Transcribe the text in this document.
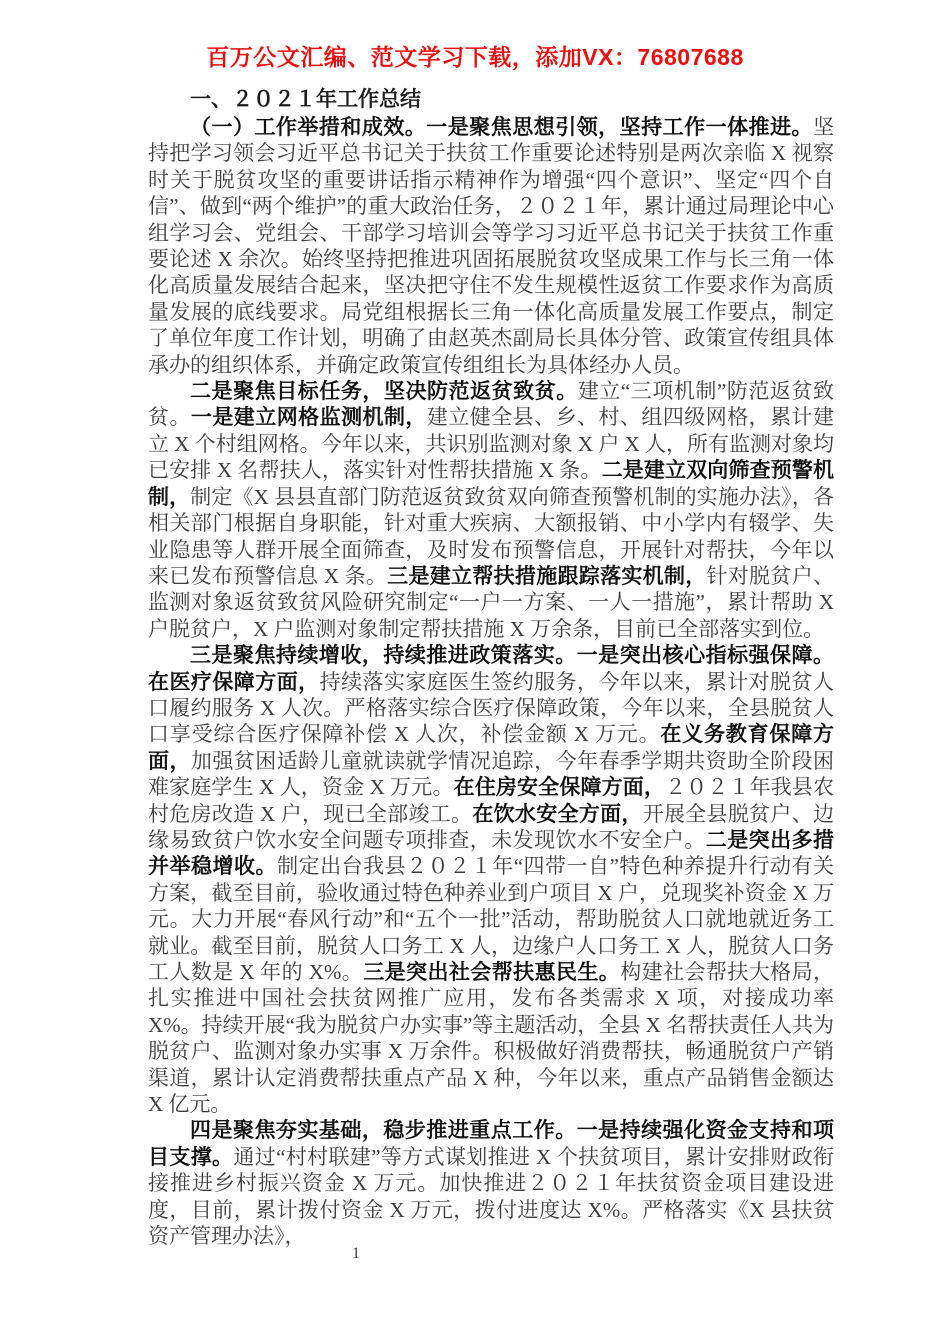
百万公文汇编、范文学习下载，添加VX：76807688

一、２０２１年工作总结

（一）工作举措和成效。一是聚焦思想引领，坚持工作一体推进。坚持把学习领会习近平总书记关于扶贫工作重要论述特别是两次亲临 X 视察时关于脱贫攻坚的重要讲话指示精神作为增强“四个意识”、坚定“四个自信”、做到“两个维护”的重大政治任务，２０２１年，累计通过局理论中心组学习会、党组会、干部学习培训会等学习习近平总书记关于扶贫工作重要论述 X 余次。始终坚持把推进巩固拓展脱贫攻坚成果工作与长三角一体化高质量发展结合起来，坚决把守住不发生规模性返贫工作要求作为高质量发展的底线要求。局党组根据长三角一体化高质量发展工作要点，制定了单位年度工作计划，明确了由赵英杰副局长具体分管、政策宣传组具体承办的组织体系，并确定政策宣传组组长为具体经办人员。

二是聚焦目标任务，坚决防范返贫致贫。建立“三项机制”防范返贫致贫。一是建立网格监测机制，建立健全县、乡、村、组四级网格，累计建立 X 个村组网格。今年以来，共识别监测对象 X 户 X 人，所有监测对象均已安排 X 名帮扶人，落实针对性帮扶措施 X 条。二是建立双向筛查预警机制，制定《X 县县直部门防范返贫致贫双向筛查预警机制的实施办法》，各相关部门根据自身职能，针对重大疾病、大额报销、中小学内有辍学、失业隐患等人群开展全面筛查，及时发布预警信息，开展针对帮扶，今年以来已发布预警信息 X 条。三是建立帮扶措施跟踪落实机制，针对脱贫户、监测对象返贫致贫风险研究制定“一户一方案、一人一措施”，累计帮助 X 户脱贫户，X 户监测对象制定帮扶措施 X 万余条，目前已全部落实到位。

三是聚焦持续增收，持续推进政策落实。一是突出核心指标强保障。在医疗保障方面，持续落实家庭医生签约服务，今年以来，累计对脱贫人口履约服务 X 人次。严格落实综合医疗保障政策，今年以来，全县脱贫人口享受综合医疗保障补偿 X 人次，补偿金额 X 万元。在义务教育保障方面，加强贫困适龄儿童就读就学情况追踪，今年春季学期共资助全阶段困难家庭学生 X 人，资金 X 万元。在住房安全保障方面，２０２１年我县农村危房改造 X 户，现已全部竣工。在饮水安全方面，开展全县脱贫户、边缘易致贫户饮水安全问题专项排查，未发现饮水不安全户。二是突出多措并举稳增收。制定出台我县２０２１年“四带一自”特色种养提升行动有关方案，截至目前，验收通过特色种养业到户项目 X 户，兑现奖补资金 X 万元。大力开展“春风行动”和“五个一批”活动，帮助脱贫人口就地就近务工就业。截至目前，脱贫人口务工 X 人，边缘户人口务工 X 人，脱贫人口务工人数是 X 年的 X%。三是突出社会帮扶惠民生。构建社会帮扶大格局，扎实推进中国社会扶贫网推广应用，发布各类需求 X 项，对接成功率 X%。持续开展“我为脱贫户办实事”等主题活动，全县 X 名帮扶责任人共为脱贫户、监测对象办实事 X 万余件。积极做好消费帮扶，畅通脱贫户产销渠道，累计认定消费帮扶重点产品 X 种，今年以来，重点产品销售金额达 X 亿元。

四是聚焦夯实基础，稳步推进重点工作。一是持续强化资金支持和项目支撑。通过“村村联建”等方式谋划推进 X 个扶贫项目，累计安排财政衔接推进乡村振兴资金 X 万元。加快推进２０２１年扶贫资金项目建设进度，目前，累计拨付资金 X 万元，拨付进度达 X%。严格落实《X 县扶贫资产管理办法》，

1
